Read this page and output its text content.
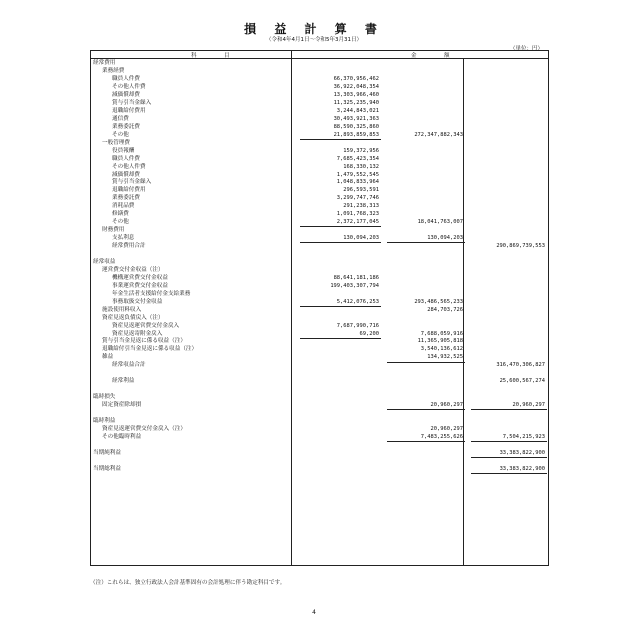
損 益 計 算 書
（令和4年4月1日～令和5年3月31日）
（単位：円）
科　　　　　目	金　　　　　額
経常費用
業務経費
職員人件費	66,370,956,462
その他人件費	36,922,048,354
減価償却費	13,303,966,460
賞与引当金繰入	11,325,235,940
退職給付費用	3,244,843,021
通信費	30,493,921,363
業務委託費	88,590,325,860
その他	21,893,859,853	272,347,882,343
一般管理費
役員報酬	159,372,956
職員人件費	7,685,423,354
その他人件費	168,330,132
減価償却費	1,479,552,545
賞与引当金繰入	1,048,833,964
退職給付費用	296,593,591
業務委託費	3,299,747,746
消耗品費	291,238,313
修繕費	1,091,768,323
その他	2,372,177,045	18,041,763,007
財務費用
支払利息	130,094,203	130,094,203
経常費用合計	290,869,739,553
経常収益
運営費交付金収益（注）
機構運営費交付金収益	88,641,181,186
事業運営費交付金収益	199,403,307,794
年金生活者支援給付金支給業務
事務取扱交付金収益	5,412,076,253	293,486,565,233
施設使用料収入	284,703,726
資産見返負債戻入（注）
資産見返運営費交付金戻入	7,687,990,716
資産見返寄附金戻入	69,200	7,688,059,916
賞与引当金見返に係る収益（注）	11,365,905,818
退職給付引当金見返に係る収益（注）	3,540,136,612
雑益	134,932,525
経常収益合計	316,470,306,827
経常利益	25,600,567,274
臨時損失
固定資産除却損	20,960,297	20,960,297
臨時利益
資産見返運営費交付金戻入（注）	20,960,297
その他臨時利益	7,483,255,626	7,504,215,923
当期純利益	33,383,822,900
当期総利益	33,383,822,900
（注）これらは、独立行政法人会計基準固有の会計処理に伴う勘定科目です。
4
